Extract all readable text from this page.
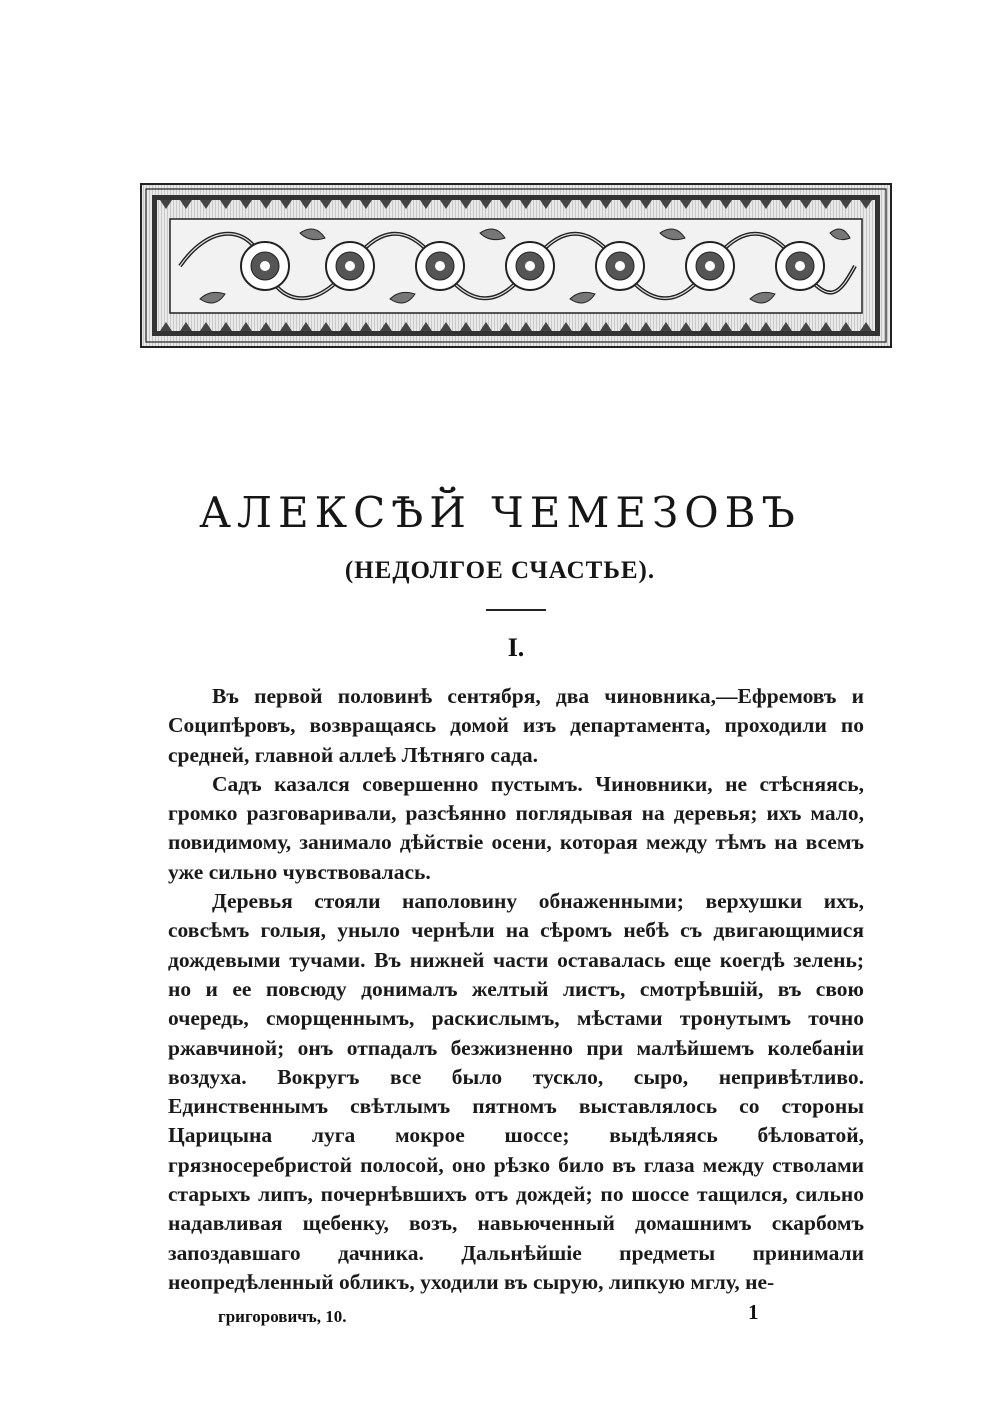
АЛЕКСѢЙ ЧЕМЕЗОВЪ
(НЕДОЛГОЕ СЧАСТЬЕ).
I.

Въ первой половинѣ сентября, два чиновника,—Ефремовъ и Соципѣровъ, возвращаясь домой изъ департамента, проходили по средней, главной аллеѣ Лѣтняго сада.

Садъ казался совершенно пустымъ. Чиновники, не стѣсняясь, громко разговаривали, разсѣянно поглядывая на деревья; ихъ мало, повидимому, занимало дѣйствіе осени, которая между тѣмъ на всемъ уже сильно чувствовалась.

Деревья стояли наполовину обнаженными; верхушки ихъ, совсѣмъ голыя, уныло чернѣли на сѣромъ небѣ съ двигающимися дождевыми тучами. Въ нижней части оставалась еще коегдѣ зелень; но и ее повсюду донималъ желтый листъ, смотрѣвшій, въ свою очередь, сморщеннымъ, раскислымъ, мѣстами тронутымъ точно ржавчиной; онъ отпадалъ безжизненно при малѣйшемъ колебаніи воздуха. Вокругъ все было тускло, сыро, непривѣтливо. Единственнымъ свѣтлымъ пятномъ выставлялось со стороны Царицына луга мокрое шоссе; выдѣляясь бѣловатой, грязносеребристой полосой, оно рѣзко било въ глаза между стволами старыхъ липъ, почернѣвшихъ отъ дождей; по шоссе тащился, сильно надавливая щебенку, возъ, навьюченный домашнимъ скарбомъ запоздавшаго дачника. Дальнѣйшіе предметы принимали неопредѣленный обликъ, уходили въ сырую, липкую мглу, не-

григоровичъ, 10.	1
